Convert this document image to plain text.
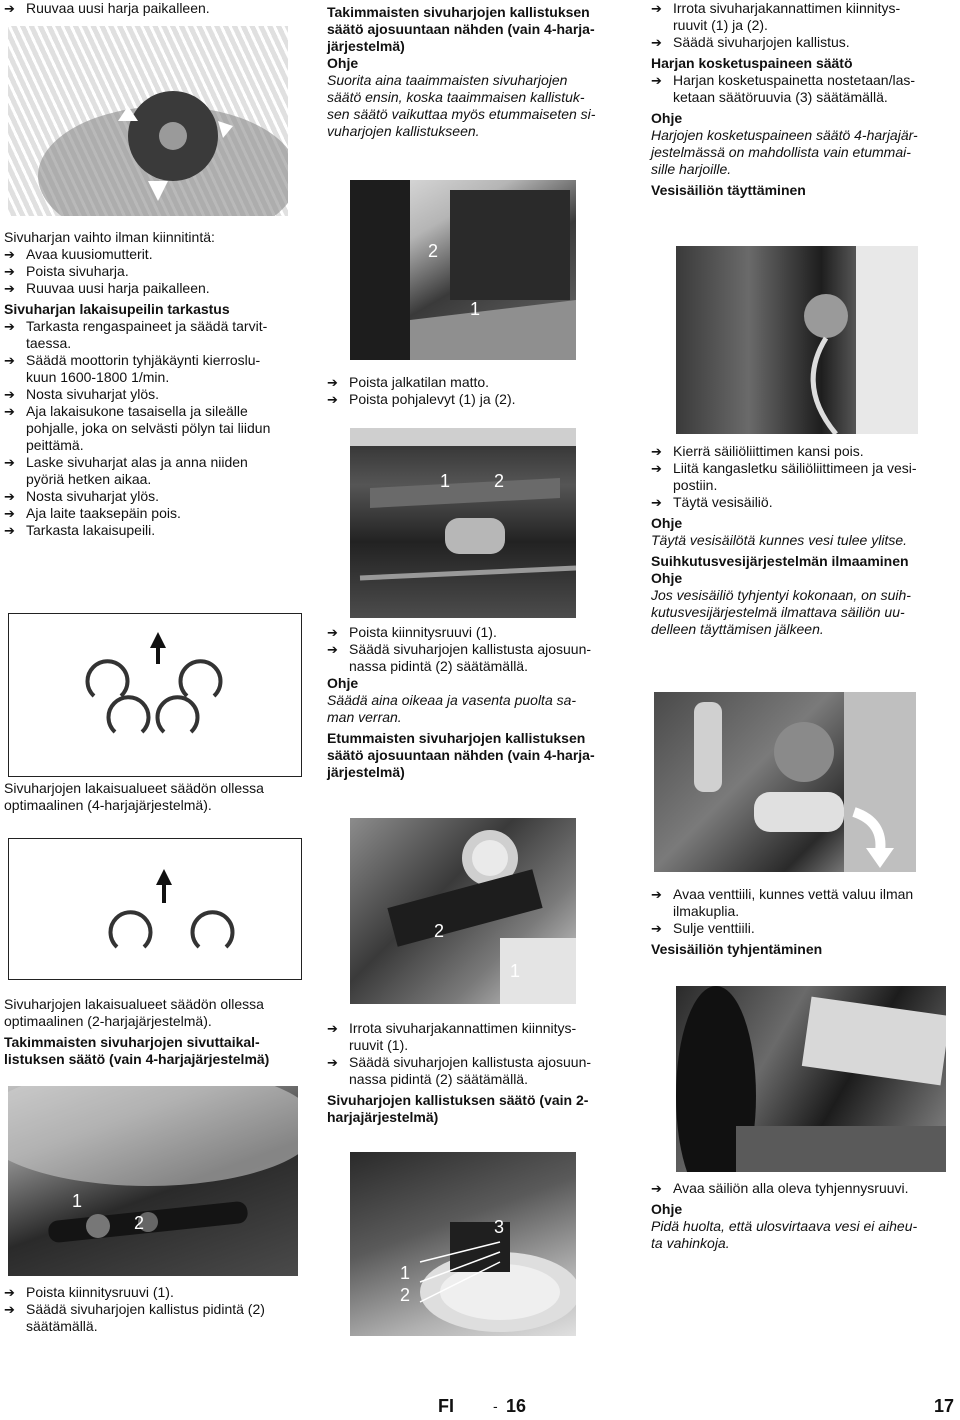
➔ Ruuvaa uusi harja paikalleen.

Sivuharjan vaihto ilman kiinnitintä:

➔ Avaa kuusiomutterit.
➔ Poista sivuharja.
➔ Ruuvaa uusi harja paikalleen.

Sivuharjan lakaisupeilin tarkastus

➔ Tarkasta rengaspaineet ja säädä tarvit-
taessa.
➔ Säädä moottorin tyhjäkäynti kierroslu-
kuun 1600-1800 1/min.
➔ Nosta sivuharjat ylös.
➔ Aja lakaisukone tasaisella ja sileälle
pohjalle, joka on selvästi pölyn tai liidun
peittämä.
➔ Laske sivuharjat alas ja anna niiden
pyöriä hetken aikaa.
➔ Nosta sivuharjat ylös.
➔ Aja laite taaksepäin pois.
➔ Tarkasta lakaisupeili.

Sivuharjojen lakaisualueet säädön ollessa

optimaalinen (4-harjajärjestelmä).

Sivuharjojen lakaisualueet säädön ollessa

optimaalinen (2-harjajärjestelmä).

Takimmaisten sivuharjojen sivuttaikal-

listuksen säätö (vain 4-harjajärjestelmä)

1
2
➔ Poista kiinnitysruuvi (1).
➔ Säädä sivuharjojen kallistus pidintä (2)
säätämällä.

Takimmaisten sivuharjojen kallistuksen

säätö ajosuuntaan nähden (vain 4-harja-

järjestelmä)

Ohje

Suorita aina taaimmaisten sivuharjojen

säätö ensin, koska taaimmaisen kallistuk-

sen säätö vaikuttaa myös etummaiseten si-

vuharjojen kallistukseen.

2
1
➔ Poista jalkatilan matto.
➔ Poista pohjalevyt (1) ja (2).
1 2
➔ Poista kiinnitysruuvi (1).
➔ Säädä sivuharjojen kallistusta ajosuun-
nassa pidintä (2) säätämällä.

Ohje

Säädä aina oikeaa ja vasenta puolta sa-

man verran.

Etummaisten sivuharjojen kallistuksen

säätö ajosuuntaan nähden (vain 4-harja-

järjestelmä)

2
1
➔ Irrota sivuharjakannattimen kiinnitys-
ruuvit (1).
➔ Säädä sivuharjojen kallistusta ajosuun-
nassa pidintä (2) säätämällä.

Sivuharjojen kallistuksen säätö (vain 2-

harjajärjestelmä)

3
1
2
➔ Irrota sivuharjakannattimen kiinnitys-
ruuvit (1) ja (2).
➔ Säädä sivuharjojen kallistus.

Harjan kosketuspaineen säätö

➔ Harjan kosketuspainetta nostetaan/las-
ketaan säätöruuvia (3) säätämällä.

Ohje

Harjojen kosketuspaineen säätö 4-harjajär-

jestelmässä on mahdollista vain etummai-

sille harjoille.

Vesisäiliön täyttäminen

➔ Kierrä säiliöliittimen kansi pois.
➔ Liitä kangasletku säiliöliittimeen ja vesi-
postiin.
➔ Täytä vesisäiliö.

Ohje

Täytä vesisäilötä kunnes vesi tulee ylitse.

Suihkutusvesijärjestelmän ilmaaminen

Ohje

Jos vesisäiliö tyhjentyi kokonaan, on suih-

kutusvesijärjestelmä ilmattava säiliön uu-

delleen täyttämisen jälkeen.

➔ Avaa venttiili, kunnes vettä valuu ilman
ilmakuplia.
➔ Sulje venttiili.

Vesisäiliön tyhjentäminen

➔ Avaa säiliön alla oleva tyhjennysruuvi.

Ohje

Pidä huolta, että ulosvirtaava vesi ei aiheu-

ta vahinkoja.

FI	- 16	17
